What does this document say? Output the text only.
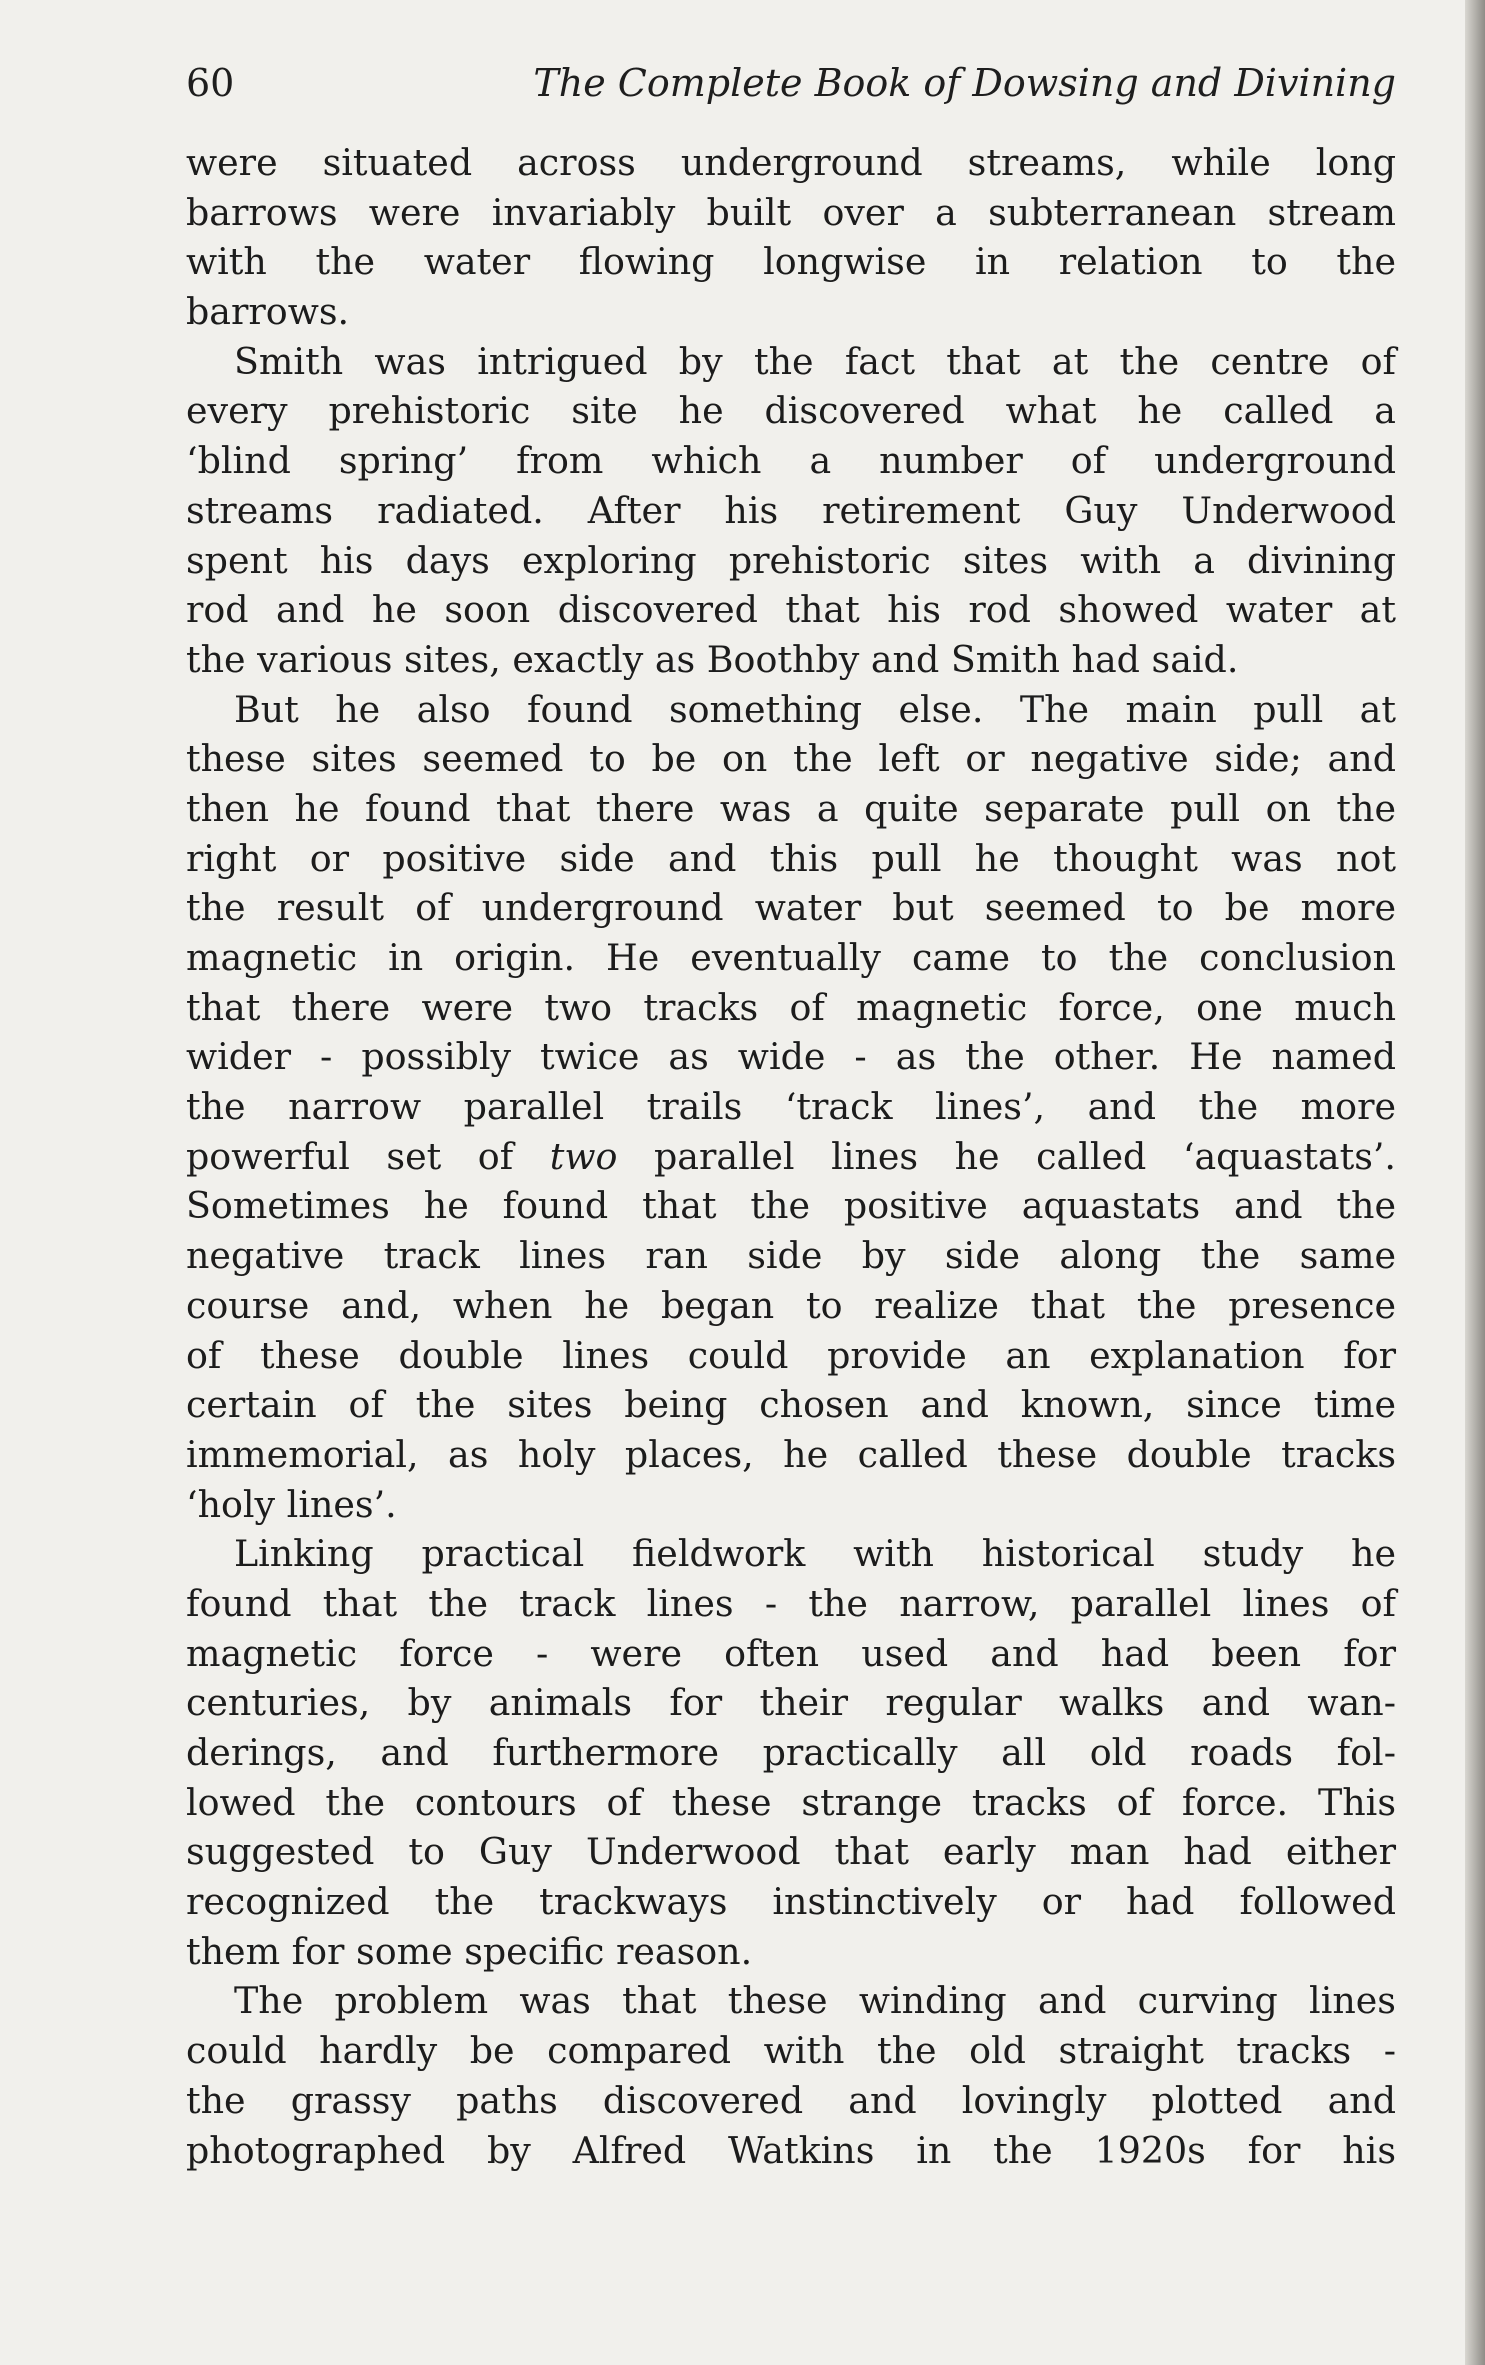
60	The Complete Book of Dowsing and Divining
were situated across underground streams, while long
barrows were invariably built over a subterranean stream
with the water flowing longwise in relation to the
barrows.
Smith was intrigued by the fact that at the centre of
every prehistoric site he discovered what he called a
‘blind spring’ from which a number of underground
streams radiated. After his retirement Guy Underwood
spent his days exploring prehistoric sites with a divining
rod and he soon discovered that his rod showed water at
the various sites, exactly as Boothby and Smith had said.
But he also found something else. The main pull at
these sites seemed to be on the left or negative side; and
then he found that there was a quite separate pull on the
right or positive side and this pull he thought was not
the result of underground water but seemed to be more
magnetic in origin. He eventually came to the conclusion
that there were two tracks of magnetic force, one much
wider - possibly twice as wide - as the other. He named
the narrow parallel trails ‘track lines’, and the more
powerful set of two parallel lines he called ‘aquastats’.
Sometimes he found that the positive aquastats and the
negative track lines ran side by side along the same
course and, when he began to realize that the presence
of these double lines could provide an explanation for
certain of the sites being chosen and known, since time
immemorial, as holy places, he called these double tracks
‘holy lines’.
Linking practical fieldwork with historical study he
found that the track lines - the narrow, parallel lines of
magnetic force - were often used and had been for
centuries, by animals for their regular walks and wan-
derings, and furthermore practically all old roads fol-
lowed the contours of these strange tracks of force. This
suggested to Guy Underwood that early man had either
recognized the trackways instinctively or had followed
them for some specific reason.
The problem was that these winding and curving lines
could hardly be compared with the old straight tracks -
the grassy paths discovered and lovingly plotted and
photographed by Alfred Watkins in the 1920s for his
